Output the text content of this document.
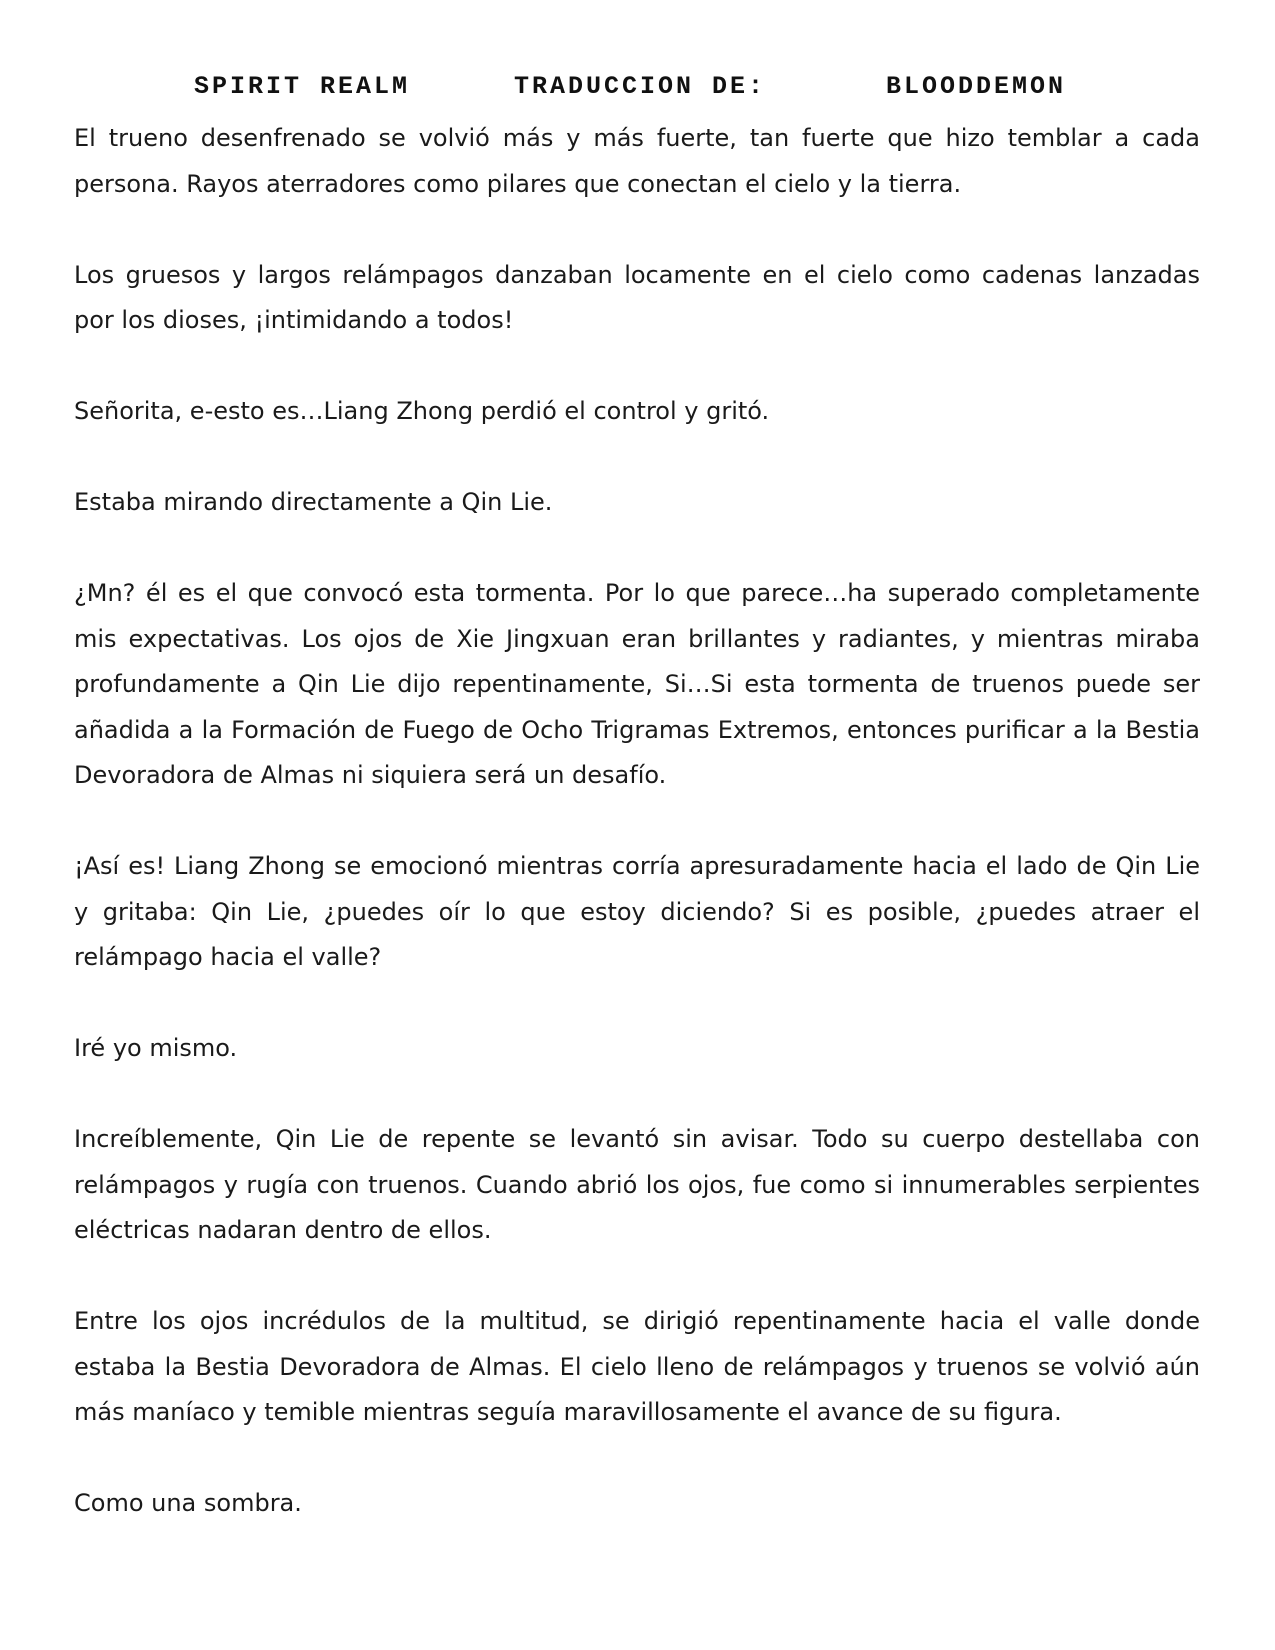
SPIRIT REALM	TRADUCCION DE:	BLOODDEMON

El trueno desenfrenado se volvió más y más fuerte, tan fuerte que hizo temblar a cada persona. Rayos aterradores como pilares que conectan el cielo y la tierra.

Los gruesos y largos relámpagos danzaban locamente en el cielo como cadenas lanzadas por los dioses, ¡intimidando a todos!

Señorita, e-esto es…Liang Zhong perdió el control y gritó.

Estaba mirando directamente a Qin Lie.

¿Mn? él es el que convocó esta tormenta. Por lo que parece…ha superado completamente mis expectativas. Los ojos de Xie Jingxuan eran brillantes y radiantes, y mientras miraba profundamente a Qin Lie dijo repentinamente, Si…Si esta tormenta de truenos puede ser añadida a la Formación de Fuego de Ocho Trigramas Extremos, entonces purificar a la Bestia Devoradora de Almas ni siquiera será un desafío.

¡Así es! Liang Zhong se emocionó mientras corría apresuradamente hacia el lado de Qin Lie y gritaba: Qin Lie, ¿puedes oír lo que estoy diciendo? Si es posible, ¿puedes atraer el relámpago hacia el valle?

Iré yo mismo.

Increíblemente, Qin Lie de repente se levantó sin avisar. Todo su cuerpo destellaba con relámpagos y rugía con truenos. Cuando abrió los ojos, fue como si innumerables serpientes eléctricas nadaran dentro de ellos.

Entre los ojos incrédulos de la multitud, se dirigió repentinamente hacia el valle donde estaba la Bestia Devoradora de Almas. El cielo lleno de relámpagos y truenos se volvió aún más maníaco y temible mientras seguía maravillosamente el avance de su figura.

Como una sombra.
